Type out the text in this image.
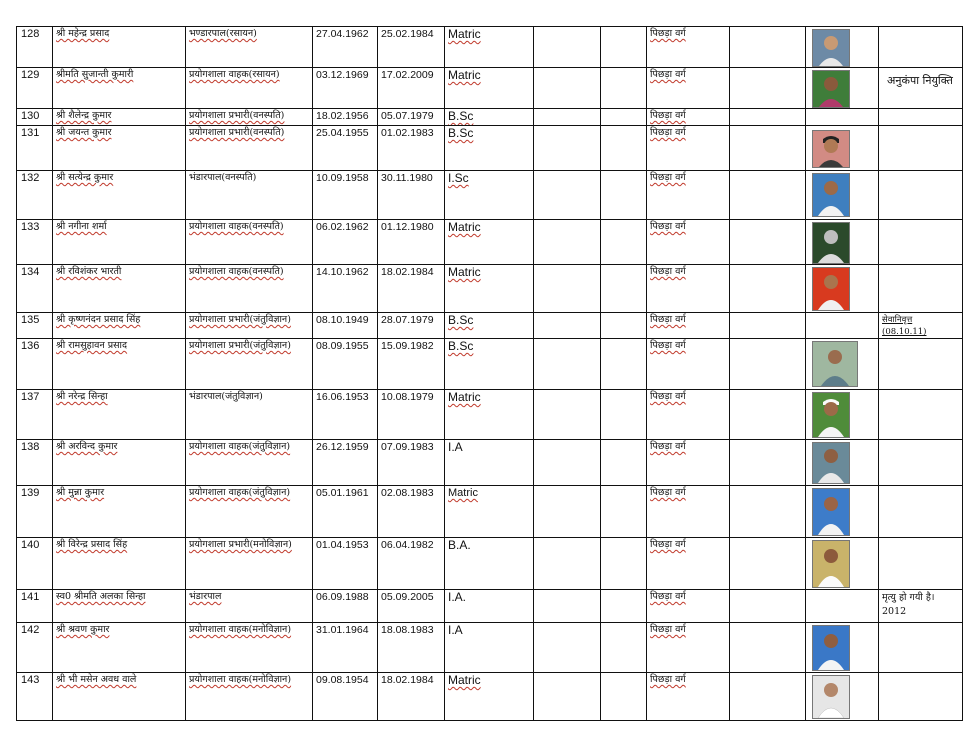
128	श्री महेन्द्र प्रसाद	भण्डारपाल(रसायन)	27.04.1962	25.02.1984	Matric			पिछड़ा वर्ग		

129	श्रीमति सुजान्ती कुमारी	प्रयोगशाला वाहक(रसायन)	03.12.1969	17.02.2009	Matric			पिछड़ा वर्ग			अनुकंपा नियुक्ति
130	श्री शैलेन्द्र कुमार	प्रयोगशाला प्रभारी(वनस्पति)	18.02.1956	05.07.1979	B.Sc			पिछड़ा वर्ग			
131	श्री जयन्त कुमार	प्रयोगशाला प्रभारी(वनस्पति)	25.04.1955	01.02.1983	B.Sc			पिछड़ा वर्ग		

132	श्री सत्येन्द्र कुमार	भंडारपाल(वनस्पति)	10.09.1958	30.11.1980	I.Sc			पिछड़ा वर्ग		

133	श्री नगीना शर्मा	प्रयोगशाला वाहक(वनस्पति)	06.02.1962	01.12.1980	Matric			पिछड़ा वर्ग		

134	श्री रविशंकर भारती	प्रयोगशाला वाहक(वनस्पति)	14.10.1962	18.02.1984	Matric			पिछड़ा वर्ग		

135	श्री कृष्णनंदन प्रसाद सिंह	प्रयोगशाला प्रभारी(जंतुविज्ञान)	08.10.1949	28.07.1979	B.Sc			पिछड़ा वर्ग			सेवानिवृत्त (08.10.11)
136	श्री रामसुहावन प्रसाद	प्रयोगशाला प्रभारी(जंतुविज्ञान)	08.09.1955	15.09.1982	B.Sc			पिछड़ा वर्ग		

137	श्री नरेन्द्र सिन्हा	भंडारपाल(जंतुविज्ञान)	16.06.1953	10.08.1979	Matric			पिछड़ा वर्ग		

138	श्री अरविन्द कुमार	प्रयोगशाला वाहक(जंतुविज्ञान)	26.12.1959	07.09.1983	I.A			पिछड़ा वर्ग		

139	श्री मुन्ना कुमार	प्रयोगशाला वाहक(जंतुविज्ञान)	05.01.1961	02.08.1983	Matric			पिछड़ा वर्ग		

140	श्री विरेन्द्र प्रसाद सिंह	प्रयोगशाला प्रभारी(मनोविज्ञान)	01.04.1953	06.04.1982	B.A.			पिछड़ा वर्ग		

141	स्व0 श्रीमति अलका सिन्हा	भंडारपाल	06.09.1988	05.09.2005	I.A.			पिछड़ा वर्ग			मृत्यु हो गयी है। 2012
142	श्री श्रवण कुमार	प्रयोगशाला वाहक(मनोविज्ञान)	31.01.1964	18.08.1983	I.A			पिछड़ा वर्ग		

143	श्री भी मसेन अवध वाले	प्रयोगशाला वाहक(मनोविज्ञान)	09.08.1954	18.02.1984	Matric			पिछड़ा वर्ग		
